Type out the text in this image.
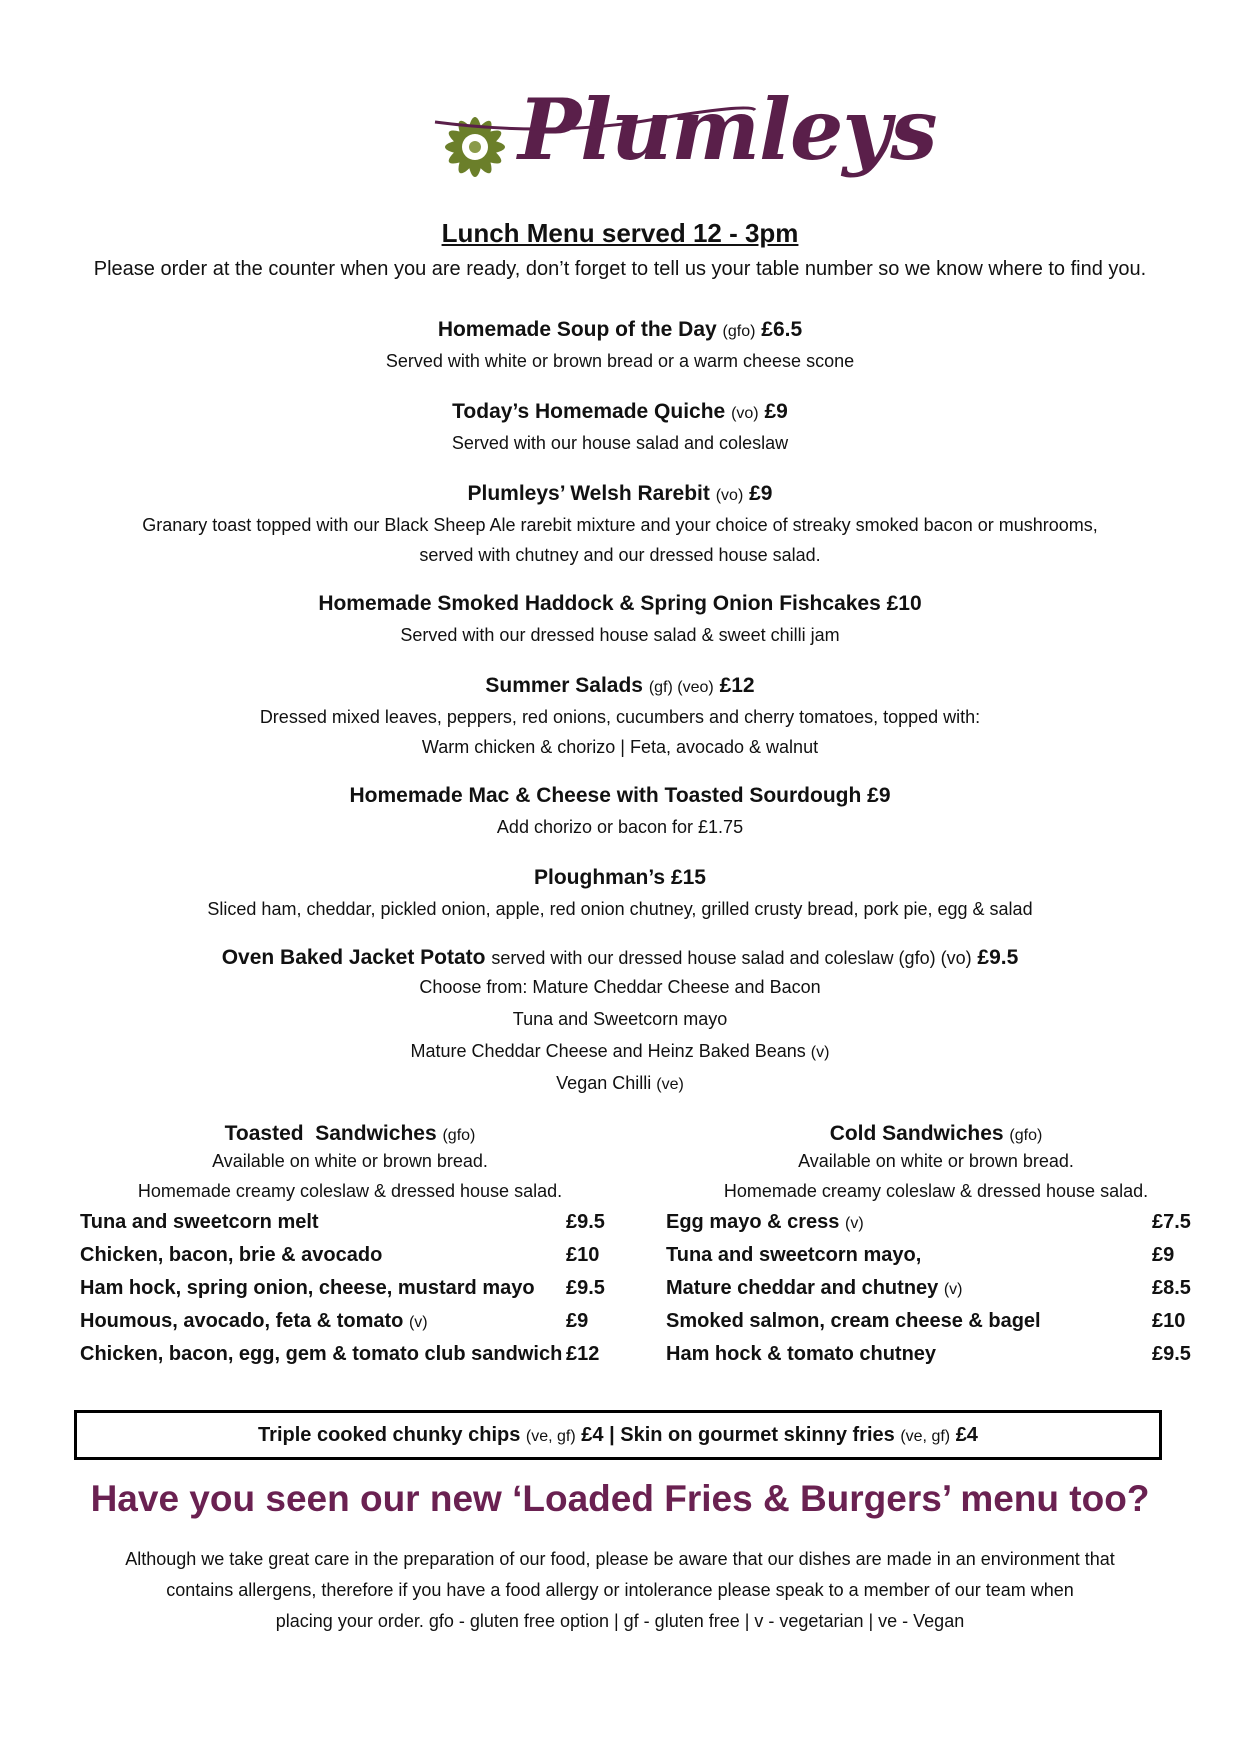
Plumleys
Lunch Menu served 12 - 3pm
Please order at the counter when you are ready, don’t forget to tell us your table number so we know where to find you.
Homemade Soup of the Day (gfo) £6.5
Served with white or brown bread or a warm cheese scone
Today’s Homemade Quiche (vo) £9
Served with our house salad and coleslaw
Plumleys’ Welsh Rarebit (vo) £9
Granary toast topped with our Black Sheep Ale rarebit mixture and your choice of streaky smoked bacon or mushrooms,
served with chutney and our dressed house salad.
Homemade Smoked Haddock & Spring Onion Fishcakes £10
Served with our dressed house salad & sweet chilli jam
Summer Salads (gf) (veo) £12
Dressed mixed leaves, peppers, red onions, cucumbers and cherry tomatoes, topped with:
Warm chicken & chorizo | Feta, avocado & walnut
Homemade Mac & Cheese with Toasted Sourdough £9
Add chorizo or bacon for £1.75
Ploughman’s £15
Sliced ham, cheddar, pickled onion, apple, red onion chutney, grilled crusty bread, pork pie, egg & salad
Oven Baked Jacket Potato served with our dressed house salad and coleslaw (gfo) (vo) £9.5
Choose from: Mature Cheddar Cheese and Bacon
Tuna and Sweetcorn mayo
Mature Cheddar Cheese and Heinz Baked Beans (v)
Vegan Chilli (ve)
Toasted  Sandwiches (gfo)
Available on white or brown bread.
Homemade creamy coleslaw & dressed house salad.
Tuna and sweetcorn melt	£9.5
Chicken, bacon, brie & avocado	£10
Ham hock, spring onion, cheese, mustard mayo £9.5
Houmous, avocado, feta & tomato (v)	£9
Chicken, bacon, egg, gem & tomato club sandwich £12
Cold Sandwiches (gfo)
Available on white or brown bread.
Homemade creamy coleslaw & dressed house salad.
Egg mayo & cress (v)	£7.5
Tuna and sweetcorn mayo,	£9
Mature cheddar and chutney (v)	£8.5
Smoked salmon, cream cheese & bagel	£10
Ham hock & tomato chutney	£9.5
Triple cooked chunky chips (ve, gf) £4 | Skin on gourmet skinny fries (ve, gf) £4
Have you seen our new ‘Loaded Fries & Burgers’ menu too?
Although we take great care in the preparation of our food, please be aware that our dishes are made in an environment that
contains allergens, therefore if you have a food allergy or intolerance please speak to a member of our team when
placing your order. gfo - gluten free option | gf - gluten free | v - vegetarian | ve - Vegan
